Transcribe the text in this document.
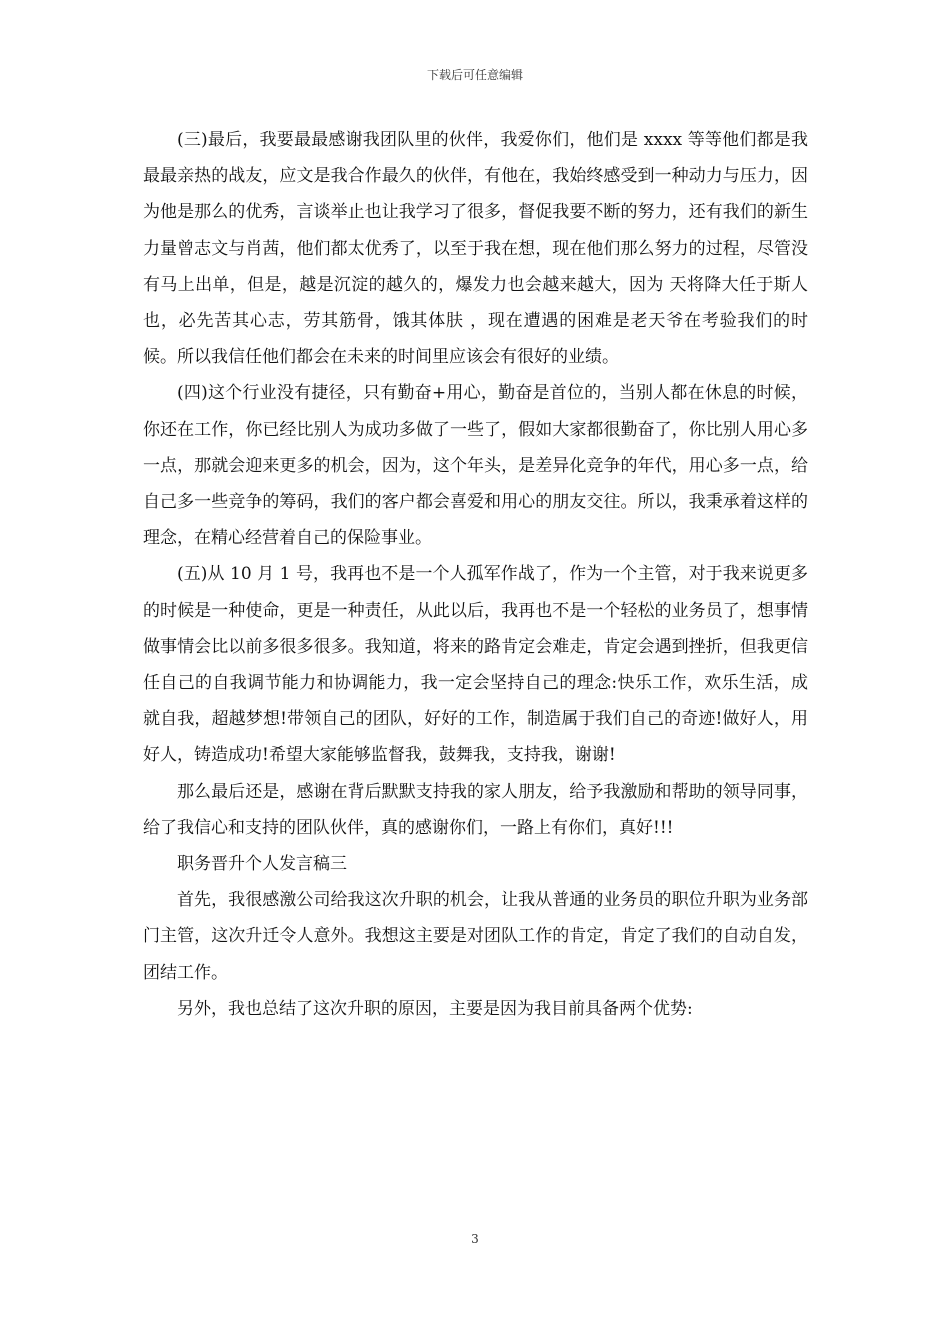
下载后可任意编辑

(三)最后，我要最最感谢我团队里的伙伴，我爱你们，他们是 xxxx 等等他们都是我最最亲热的战友，应文是我合作最久的伙伴，有他在，我始终感受到一种动力与压力，因为他是那么的优秀，言谈举止也让我学习了很多，督促我要不断的努力，还有我们的新生力量曾志文与肖茜，他们都太优秀了，以至于我在想，现在他们那么努力的过程，尽管没有马上出单，但是，越是沉淀的越久的，爆发力也会越来越大，因为 天将降大任于斯人也，必先苦其心志，劳其筋骨，饿其体肤 ，现在遭遇的困难是老天爷在考验我们的时候。所以我信任他们都会在未来的时间里应该会有很好的业绩。

(四)这个行业没有捷径，只有勤奋+用心，勤奋是首位的，当别人都在休息的时候，你还在工作，你已经比别人为成功多做了一些了，假如大家都很勤奋了，你比别人用心多一点，那就会迎来更多的机会，因为，这个年头，是差异化竞争的年代，用心多一点，给自己多一些竞争的筹码，我们的客户都会喜爱和用心的朋友交往。所以，我秉承着这样的理念，在精心经营着自己的保险事业。

(五)从 10 月 1 号，我再也不是一个人孤军作战了，作为一个主管，对于我来说更多的时候是一种使命，更是一种责任，从此以后，我再也不是一个轻松的业务员了，想事情做事情会比以前多很多很多。我知道，将来的路肯定会难走，肯定会遇到挫折，但我更信任自己的自我调节能力和协调能力，我一定会坚持自己的理念:快乐工作，欢乐生活，成就自我，超越梦想!带领自己的团队，好好的工作，制造属于我们自己的奇迹!做好人，用好人，铸造成功!希望大家能够监督我，鼓舞我，支持我，谢谢!

那么最后还是，感谢在背后默默支持我的家人朋友，给予我激励和帮助的领导同事，给了我信心和支持的团队伙伴，真的感谢你们，一路上有你们，真好!!!

职务晋升个人发言稿三

首先，我很感激公司给我这次升职的机会，让我从普通的业务员的职位升职为业务部门主管，这次升迁令人意外。我想这主要是对团队工作的肯定，肯定了我们的自动自发，团结工作。

另外，我也总结了这次升职的原因，主要是因为我目前具备两个优势:

3
